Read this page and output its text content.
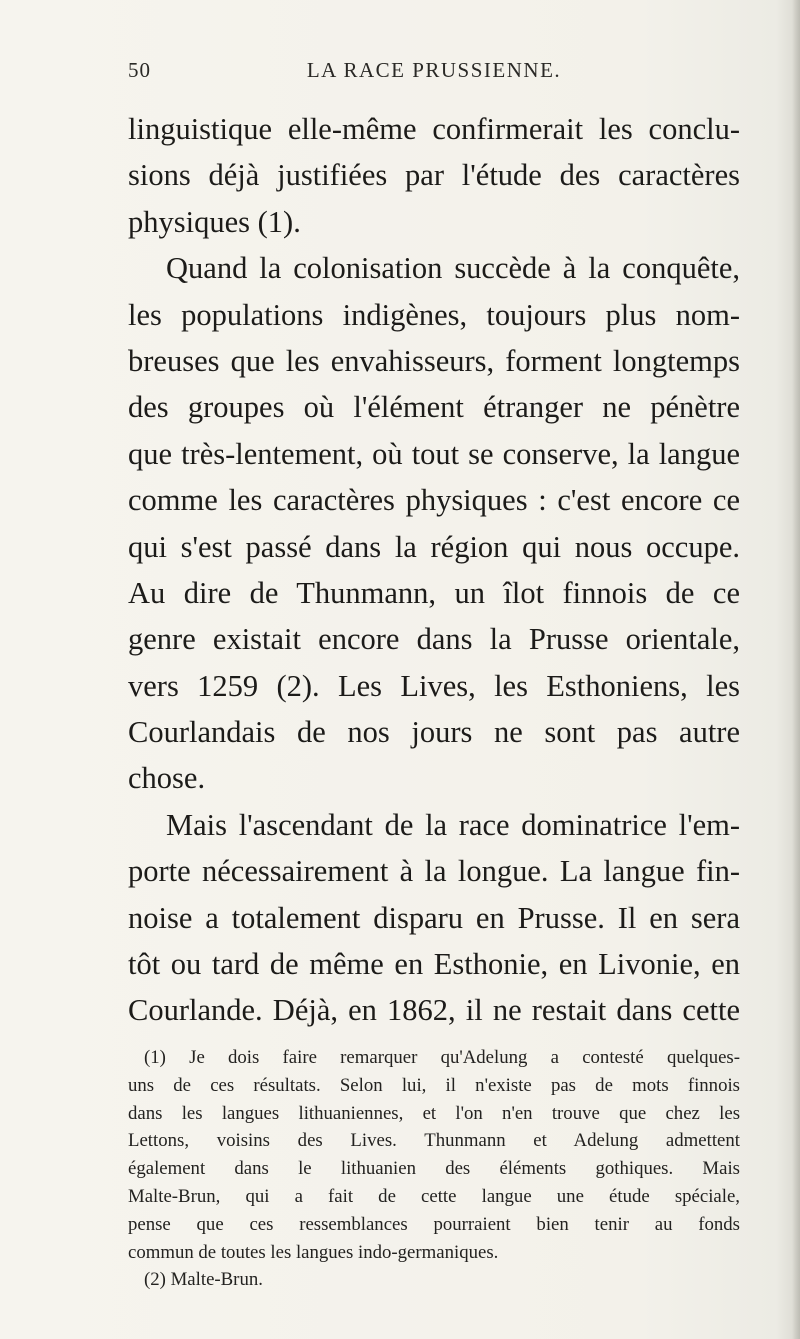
50	LA RACE PRUSSIENNE.
linguistique elle-même confirmerait les conclu-
sions déjà justifiées par l'étude des caractères
physiques (1).
Quand la colonisation succède à la conquête,
les populations indigènes, toujours plus nom-
breuses que les envahisseurs, forment longtemps
des groupes où l'élément étranger ne pénètre
que très-lentement, où tout se conserve, la langue
comme les caractères physiques : c'est encore ce
qui s'est passé dans la région qui nous occupe.
Au dire de Thunmann, un îlot finnois de ce
genre existait encore dans la Prusse orientale,
vers 1259 (2). Les Lives, les Esthoniens, les
Courlandais de nos jours ne sont pas autre
chose.
Mais l'ascendant de la race dominatrice l'em-
porte nécessairement à la longue. La langue fin-
noise a totalement disparu en Prusse. Il en sera
tôt ou tard de même en Esthonie, en Livonie, en
Courlande. Déjà, en 1862, il ne restait dans cette
(1) Je dois faire remarquer qu'Adelung a contesté quelques-
uns de ces résultats. Selon lui, il n'existe pas de mots finnois
dans les langues lithuaniennes, et l'on n'en trouve que chez les
Lettons, voisins des Lives. Thunmann et Adelung admettent
également dans le lithuanien des éléments gothiques. Mais
Malte-Brun, qui a fait de cette langue une étude spéciale,
pense que ces ressemblances pourraient bien tenir au fonds
commun de toutes les langues indo-germaniques.
(2) Malte-Brun.
